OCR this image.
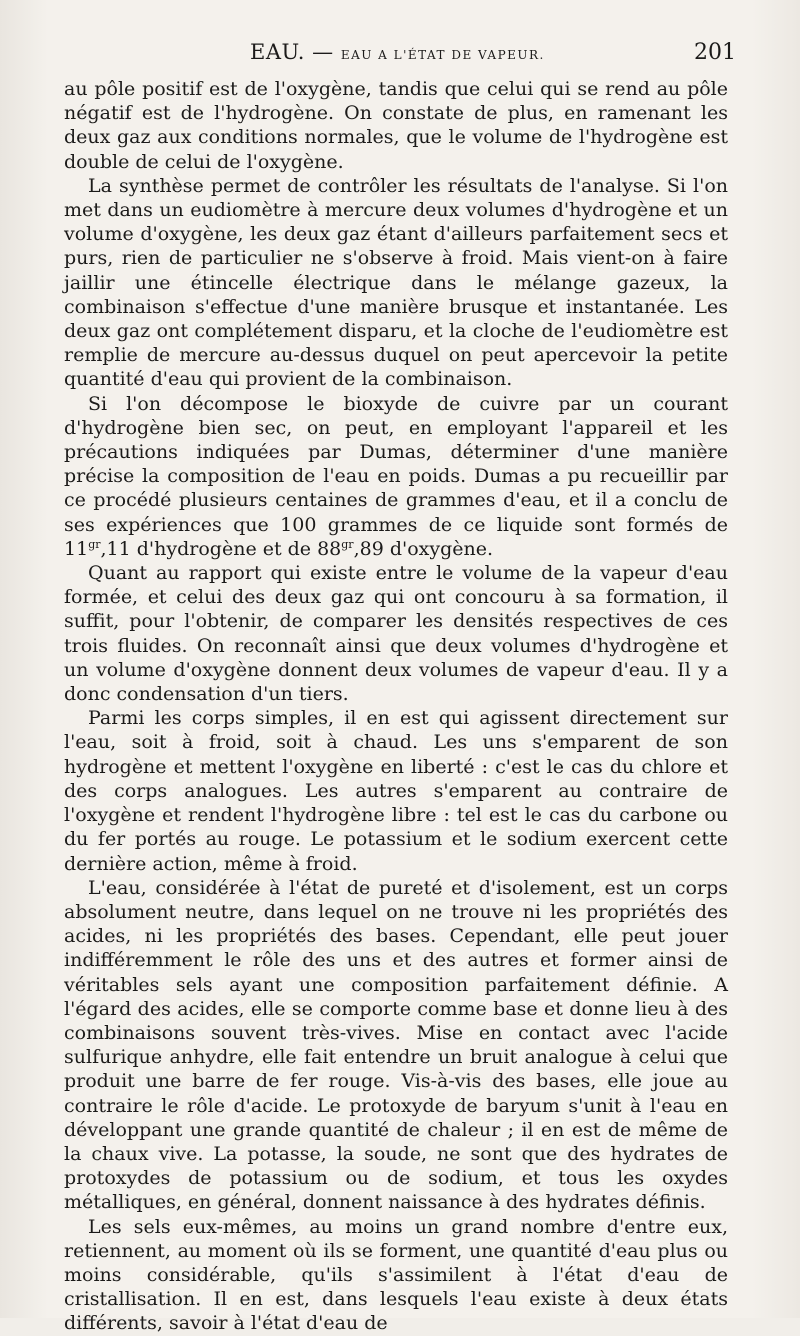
EAU. — EAU A L'ÉTAT DE VAPEUR.	201

au pôle positif est de l'oxygène, tandis que celui qui se rend au pôle négatif est de l'hydrogène. On constate de plus, en ramenant les deux gaz aux conditions normales, que le volume de l'hydrogène est double de celui de l'oxygène.

La synthèse permet de contrôler les résultats de l'analyse. Si l'on met dans un eudiomètre à mercure deux volumes d'hydrogène et un volume d'oxygène, les deux gaz étant d'ailleurs parfaitement secs et purs, rien de particulier ne s'observe à froid. Mais vient-on à faire jaillir une étincelle électrique dans le mélange gazeux, la combinaison s'effectue d'une manière brusque et instantanée. Les deux gaz ont complétement disparu, et la cloche de l'eudiomètre est remplie de mercure au-dessus duquel on peut apercevoir la petite quantité d'eau qui provient de la combinaison.

Si l'on décompose le bioxyde de cuivre par un courant d'hydrogène bien sec, on peut, en employant l'appareil et les précautions indiquées par Dumas, déterminer d'une manière précise la composition de l'eau en poids. Dumas a pu recueillir par ce procédé plusieurs centaines de grammes d'eau, et il a conclu de ses expériences que 100 grammes de ce liquide sont formés de $11^{gr},11$ d'hydrogène et de $88^{gr},89$ d'oxygène.

Quant au rapport qui existe entre le volume de la vapeur d'eau formée, et celui des deux gaz qui ont concouru à sa formation, il suffit, pour l'obtenir, de comparer les densités respectives de ces trois fluides. On reconnaît ainsi que deux volumes d'hydrogène et un volume d'oxygène donnent deux volumes de vapeur d'eau. Il y a donc condensation d'un tiers.

Parmi les corps simples, il en est qui agissent directement sur l'eau, soit à froid, soit à chaud. Les uns s'emparent de son hydrogène et mettent l'oxygène en liberté : c'est le cas du chlore et des corps analogues. Les autres s'emparent au contraire de l'oxygène et rendent l'hydrogène libre : tel est le cas du carbone ou du fer portés au rouge. Le potassium et le sodium exercent cette dernière action, même à froid.

L'eau, considérée à l'état de pureté et d'isolement, est un corps absolument neutre, dans lequel on ne trouve ni les propriétés des acides, ni les propriétés des bases. Cependant, elle peut jouer indifféremment le rôle des uns et des autres et former ainsi de véritables sels ayant une composition parfaitement définie. A l'égard des acides, elle se comporte comme base et donne lieu à des combinaisons souvent très-vives. Mise en contact avec l'acide sulfurique anhydre, elle fait entendre un bruit analogue à celui que produit une barre de fer rouge. Vis-à-vis des bases, elle joue au contraire le rôle d'acide. Le protoxyde de baryum s'unit à l'eau en développant une grande quantité de chaleur ; il en est de même de la chaux vive. La potasse, la soude, ne sont que des hydrates de protoxydes de potassium ou de sodium, et tous les oxydes métalliques, en général, donnent naissance à des hydrates définis.

Les sels eux-mêmes, au moins un grand nombre d'entre eux, retiennent, au moment où ils se forment, une quantité d'eau plus ou moins considérable, qu'ils s'assimilent à l'état d'eau de cristallisation. Il en est, dans lesquels l'eau existe à deux états différents, savoir à l'état d'eau de
